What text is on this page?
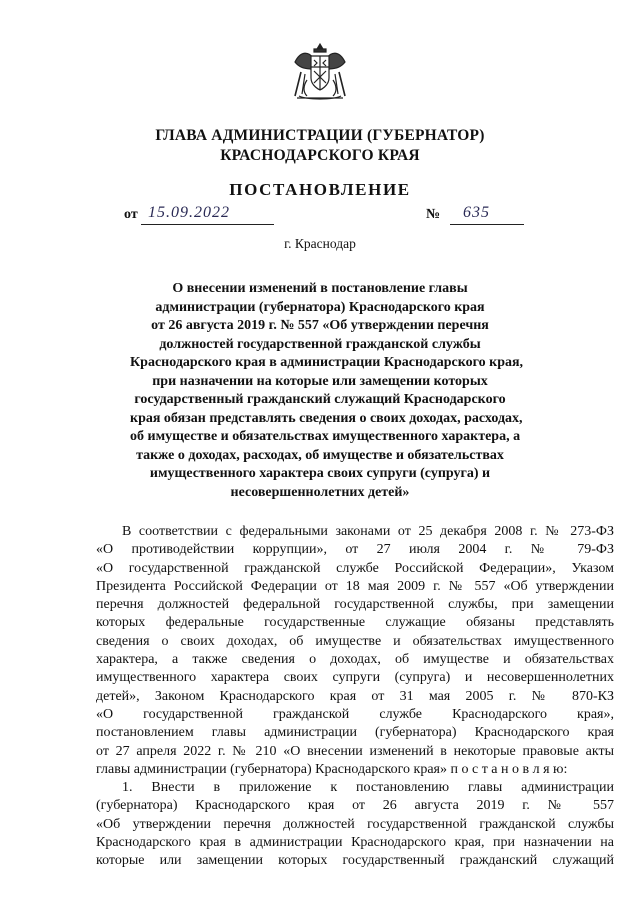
ГЛАВА АДМИНИСТРАЦИИ (ГУБЕРНАТОР)
КРАСНОДАРСКОГО КРАЯ
ПОСТАНОВЛЕНИЕ
от 15.09.2022	№ 635
г. Краснодар
О внесении изменений в постановление главы
администрации (губернатора) Краснодарского края
от 26 августа 2019 г. № 557 «Об утверждении перечня
должностей государственной гражданской службы
Краснодарского края в администрации Краснодарского края,
при назначении на которые или замещении которых
государственный гражданский служащий Краснодарского
края обязан представлять сведения о своих доходах, расходах,
об имуществе и обязательствах имущественного характера, а
также о доходах, расходах, об имуществе и обязательствах
имущественного характера своих супруги (супруга) и
несовершеннолетних детей»
В соответствии с федеральными законами от 25 декабря 2008 г. № 273-ФЗ
«О противодействии коррупции», от 27 июля 2004 г. № 79-ФЗ
«О государственной гражданской службе Российской Федерации», Указом
Президента Российской Федерации от 18 мая 2009 г. № 557 «Об утверждении
перечня должностей федеральной государственной службы, при замещении
которых федеральные государственные служащие обязаны представлять
сведения о своих доходах, об имуществе и обязательствах имущественного
характера, а также сведения о доходах, об имуществе и обязательствах
имущественного характера своих супруги (супруга) и несовершеннолетних
детей», Законом Краснодарского края от 31 мая 2005 г. № 870-КЗ
«О государственной гражданской службе Краснодарского края»,
постановлением главы администрации (губернатора) Краснодарского края
от 27 апреля 2022 г. № 210 «О внесении изменений в некоторые правовые акты
главы администрации (губернатора) Краснодарского края» п о с т а н о в л я ю:
1. Внести в приложение к постановлению главы администрации
(губернатора) Краснодарского края от 26 августа 2019 г. № 557
«Об утверждении перечня должностей государственной гражданской службы
Краснодарского края в администрации Краснодарского края, при назначении на
которые или замещении которых государственный гражданский служащий
